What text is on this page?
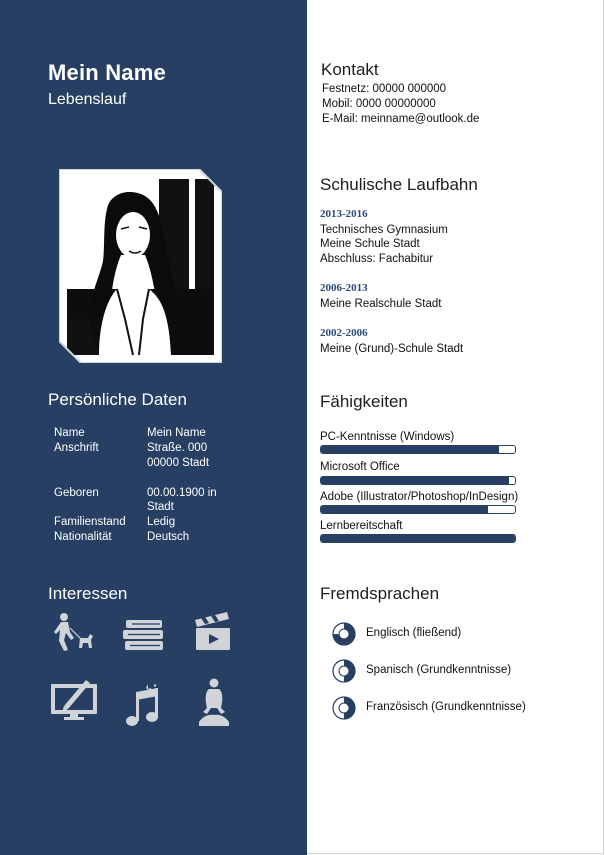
Mein Name
Lebenslauf
Persönliche Daten
Name	Mein Name
Anschrift	Straße. 000
00000 Stadt
Geboren	00.00.1900 in
Stadt
Familienstand Ledig
Nationalität	Deutsch
Interessen
Kontakt
Festnetz: 00000 000000
Mobil: 0000 00000000
E-Mail: meinname@outlook.de
Schulische Laufbahn
2013-2016
Technisches Gymnasium
Meine Schule Stadt
Abschluss: Fachabitur
2006-2013
Meine Realschule Stadt
2002-2006
Meine (Grund)-Schule Stadt
Fähigkeiten
PC-Kenntnisse (Windows)
Microsoft Office
Adobe (Illustrator/Photoshop/InDesign)
Lernbereitschaft
Fremdsprachen
Englisch (fließend)
Spanisch (Grundkenntnisse)
Französisch (Grundkenntnisse)
